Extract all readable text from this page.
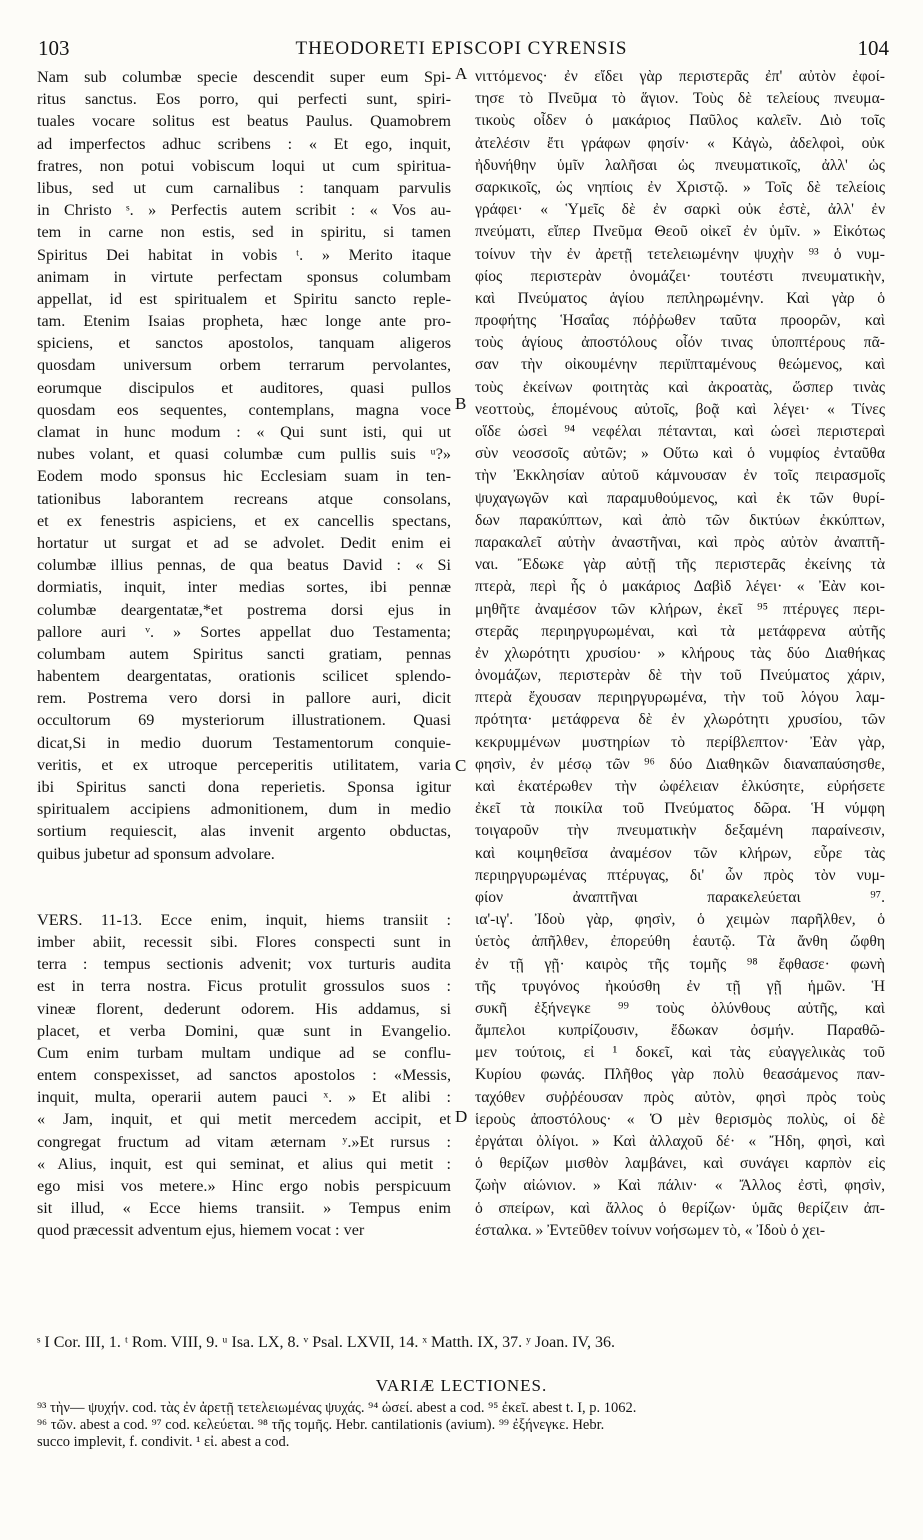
103	THEODORETI EPISCOPI CYRENSIS	104
Nam sub columbæ specie descendit super eum Spi-
ritus sanctus. Eos porro, qui perfecti sunt, spiri-
tuales vocare solitus est beatus Paulus. Quamobrem
ad imperfectos adhuc scribens : « Et ego, inquit,
fratres, non potui vobiscum loqui ut cum spiritua-
libus, sed ut cum carnalibus : tanquam parvulis
in Christo ˢ. » Perfectis autem scribit : « Vos au-
tem in carne non estis, sed in spiritu, si tamen
Spiritus Dei habitat in vobis ᵗ. » Merito itaque
animam in virtute perfectam sponsus columbam
appellat, id est spiritualem et Spiritu sancto reple-
tam. Etenim Isaias propheta, hæc longe ante pro-
spiciens, et sanctos apostolos, tanquam aligeros
quosdam universum orbem terrarum pervolantes,
eorumque discipulos et auditores, quasi pullos
quosdam eos sequentes, contemplans, magna voce
clamat in hunc modum : « Qui sunt isti, qui ut
nubes volant, et quasi columbæ cum pullis suis ᵘ?»
Eodem modo sponsus hic Ecclesiam suam in ten-
tationibus laborantem recreans atque consolans,
et ex fenestris aspiciens, et ex cancellis spectans,
hortatur ut surgat et ad se advolet. Dedit enim ei
columbæ illius pennas, de qua beatus David : « Si
dormiatis, inquit, inter medias sortes, ibi pennæ
columbæ deargentatæ,*et postrema dorsi ejus in
pallore auri ᵛ. » Sortes appellat duo Testamenta;
columbam autem Spiritus sancti gratiam, pennas
habentem deargentatas, orationis scilicet splendo-
rem. Postrema vero dorsi in pallore auri, dicit
occultorum 69 mysteriorum illustrationem. Quasi
dicat,Si in medio duorum Testamentorum conquie-
veritis, et ex utroque perceperitis utilitatem, varia
ibi Spiritus sancti dona reperietis. Sponsa igitur
spiritualem accipiens admonitionem, dum in medio
sortium requiescit, alas invenit argento obductas,
quibus jubetur ad sponsum advolare.
VERS. 11-13. Ecce enim, inquit, hiems transiit :
imber abiit, recessit sibi. Flores conspecti sunt in
terra : tempus sectionis advenit; vox turturis audita
est in terra nostra. Ficus protulit grossulos suos :
vineæ florent, dederunt odorem. His addamus, si
placet, et verba Domini, quæ sunt in Evangelio.
Cum enim turbam multam undique ad se conflu-
entem conspexisset, ad sanctos apostolos : «Messis,
inquit, multa, operarii autem pauci ˣ. » Et alibi :
« Jam, inquit, et qui metit mercedem accipit, et
congregat fructum ad vitam æternam ʸ.»Et rursus :
« Alius, inquit, est qui seminat, et alius qui metit :
ego misi vos metere.» Hinc ergo nobis perspicuum
sit illud, « Ecce hiems transiit. » Tempus enim
quod præcessit adventum ejus, hiemem vocat : ver
νιττόμενος· ἐν εἴδει γὰρ περιστερᾶς ἐπ' αὐτὸν ἐφοί-
τησε τὸ Πνεῦμα τὸ ἅγιον. Τοὺς δὲ τελείους πνευμα-
τικοὺς οἶδεν ὁ μακάριος Παῦλος καλεῖν. Διὸ τοῖς
ἀτελέσιν ἔτι γράφων φησίν· « Κἀγὼ, ἀδελφοὶ, οὐκ
ἠδυνήθην ὑμῖν λαλῆσαι ὡς πνευματικοῖς, ἀλλ' ὡς
σαρκικοῖς, ὡς νηπίοις ἐν Χριστῷ. » Τοῖς δὲ τελείοις
γράφει· « Ὑμεῖς δὲ ἐν σαρκὶ οὐκ ἐστὲ, ἀλλ' ἐν
πνεύματι, εἴπερ Πνεῦμα Θεοῦ οἰκεῖ ἐν ὑμῖν. » Εἰκότως
τοίνυν τὴν ἐν ἀρετῇ τετελειωμένην ψυχὴν ⁹³ ὁ νυμ-
φίος περιστερὰν ὀνομάζει· τουτέστι πνευματικὴν,
καὶ Πνεύματος ἁγίου πεπληρωμένην. Καὶ γὰρ ὁ
προφήτης Ἡσαΐας πόῤῥωθεν ταῦτα προορῶν, καὶ
τοὺς ἁγίους ἀποστόλους οἷόν τινας ὑποπτέρους πᾶ-
σαν τὴν οἰκουμένην περιϊπταμένους θεώμενος, καὶ
τοὺς ἐκείνων φοιτητὰς καὶ ἀκροατὰς, ὥσπερ τινὰς
νεοττοὺς, ἑπομένους αὐτοῖς, βοᾷ καὶ λέγει· « Τίνες
οἵδε ὡσεὶ ⁹⁴ νεφέλαι πέτανται, καὶ ὡσεὶ περιστεραὶ
σὺν νεοσσοῖς αὐτῶν; » Οὕτω καὶ ὁ νυμφίος ἐνταῦθα
τὴν Ἐκκλησίαν αὐτοῦ κάμνουσαν ἐν τοῖς πειρασμοῖς
ψυχαγωγῶν καὶ παραμυθούμενος, καὶ ἐκ τῶν θυρί-
δων παρακύπτων, καὶ ἀπὸ τῶν δικτύων ἐκκύπτων,
παρακαλεῖ αὐτὴν ἀναστῆναι, καὶ πρὸς αὐτὸν ἀναπτῆ-
ναι. Ἔδωκε γὰρ αὐτῇ τῆς περιστερᾶς ἐκείνης τὰ
πτερὰ, περὶ ἧς ὁ μακάριος Δαβὶδ λέγει· « Ἐὰν κοι-
μηθῆτε ἀναμέσον τῶν κλήρων, ἐκεῖ ⁹⁵ πτέρυγες περι-
στερᾶς περιηργυρωμέναι, καὶ τὰ μετάφρενα αὐτῆς
ἐν χλωρότητι χρυσίου· » κλήρους τὰς δύο Διαθήκας
ὀνομάζων, περιστερὰν δὲ τὴν τοῦ Πνεύματος χάριν,
πτερὰ ἔχουσαν περιηργυρωμένα, τὴν τοῦ λόγου λαμ-
πρότητα· μετάφρενα δὲ ἐν χλωρότητι χρυσίου, τῶν
κεκρυμμένων μυστηρίων τὸ περίβλεπτον· Ἐὰν γὰρ,
φησὶν, ἐν μέσῳ τῶν ⁹⁶ δύο Διαθηκῶν διαναπαύσησθε,
καὶ ἑκατέρωθεν τὴν ὠφέλειαν ἑλκύσητε, εὑρήσετε
ἐκεῖ τὰ ποικίλα τοῦ Πνεύματος δῶρα. Ἡ νύμφη
τοιγαροῦν τὴν πνευματικὴν δεξαμένη παραίνεσιν,
καὶ κοιμηθεῖσα ἀναμέσον τῶν κλήρων, εὗρε τὰς
περιηργυρωμένας πτέρυγας, δι' ὧν πρὸς τὸν νυμ-
φίον ἀναπτῆναι παρακελεύεται ⁹⁷.
ια'-ιγ'. Ἰδοὺ γὰρ, φησὶν, ὁ χειμὼν παρῆλθεν, ὁ
ὑετὸς ἀπῆλθεν, ἐπορεύθη ἑαυτῷ. Τὰ ἄνθη ὤφθη
ἐν τῇ γῇ· καιρὸς τῆς τομῆς ⁹⁸ ἔφθασε· φωνὴ
τῆς τρυγόνος ἠκούσθη ἐν τῇ γῇ ἡμῶν. Ἡ
συκῆ ἐξήνεγκε ⁹⁹ τοὺς ὀλύνθους αὐτῆς, καὶ
ἄμπελοι κυπρίζουσιν, ἔδωκαν ὀσμήν. Παραθῶ-
μεν τούτοις, εἰ ¹ δοκεῖ, καὶ τὰς εὐαγγελικὰς τοῦ
Κυρίου φωνάς. Πλῆθος γὰρ πολὺ θεασάμενος παν-
ταχόθεν συῤῥέουσαν πρὸς αὐτὸν, φησὶ πρὸς τοὺς
ἱεροὺς ἀποστόλους· « Ὁ μὲν θερισμὸς πολὺς, οἱ δὲ
ἐργάται ὀλίγοι. » Καὶ ἀλλαχοῦ δέ· « Ἤδη, φησὶ, καὶ
ὁ θερίζων μισθὸν λαμβάνει, καὶ συνάγει καρπὸν εἰς
ζωὴν αἰώνιον. » Καὶ πάλιν· « Ἄλλος ἐστὶ, φησὶν,
ὁ σπείρων, καὶ ἄλλος ὁ θερίζων· ὑμᾶς θερίζειν ἀπ-
έσταλκα. » Ἐντεῦθεν τοίνυν νοήσωμεν τὸ, « Ἰδοὺ ὁ χει-
A
B
C
D
ˢ I Cor. III, 1. ᵗ Rom. VIII, 9. ᵘ Isa. LX, 8. ᵛ Psal. LXVII, 14. ˣ Matth. IX, 37. ʸ Joan. IV, 36.
VARIÆ LECTIONES.
⁹³ τὴν— ψυχήν. cod. τὰς ἐν ἀρετῇ τετελειωμένας ψυχάς. ⁹⁴ ὡσεί. abest a cod. ⁹⁵ ἐκεῖ. abest t. I, p. 1062.
⁹⁶ τῶν. abest a cod. ⁹⁷ cod. κελεύεται. ⁹⁸ τῆς τομῆς. Hebr. cantilationis (avium). ⁹⁹ ἐξήνεγκε. Hebr.
succo implevit, f. condivit. ¹ εἰ. abest a cod.
